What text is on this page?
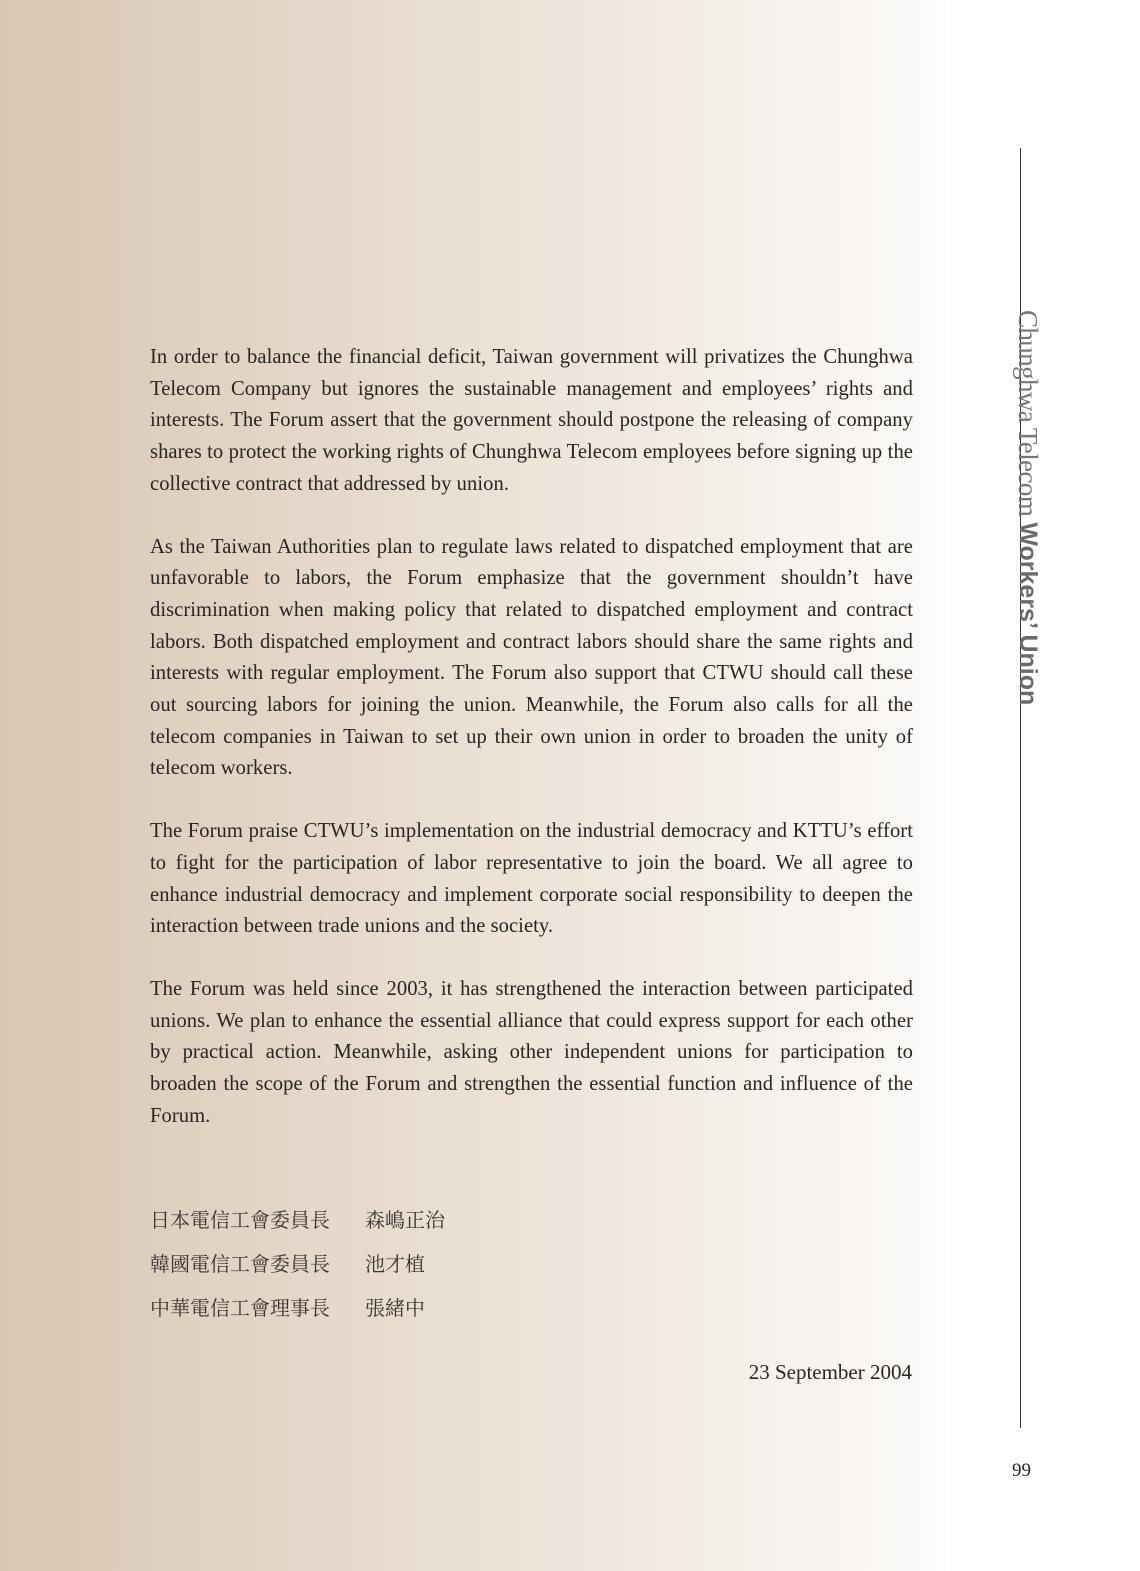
In order to balance the financial deficit, Taiwan government will privatizes the Chunghwa Telecom Company but ignores the sustainable management and employees’ rights and interests. The Forum assert that the government should postpone the releasing of company shares to protect the working rights of Chunghwa Telecom employees before signing up the collective contract that addressed by union.

As the Taiwan Authorities plan to regulate laws related to dispatched employment that are unfavorable to labors, the Forum emphasize that the government shouldn’t have discrimination when making policy that related to dispatched employment and contract labors. Both dispatched employment and contract labors should share the same rights and interests with regular employment. The Forum also support that CTWU should call these out sourcing labors for joining the union. Meanwhile, the Forum also calls for all the telecom companies in Taiwan to set up their own union in order to broaden the unity of telecom workers.

The Forum praise CTWU’s implementation on the industrial democracy and KTTU’s effort to fight for the participation of labor representative to join the board. We all agree to enhance industrial democracy and implement corporate social responsibility to deepen the interaction between trade unions and the society.

The Forum was held since 2003, it has strengthened the interaction between participated unions. We plan to enhance the essential alliance that could express support for each other by practical action. Meanwhile, asking other independent unions for participation to broaden the scope of the Forum and strengthen the essential function and influence of the Forum.

日本電信工會委員長 森嶋正治
韓國電信工會委員長 池才植
中華電信工會理事長 張緒中
23 September 2004
Chunghwa Telecom Workers’ Union
99
